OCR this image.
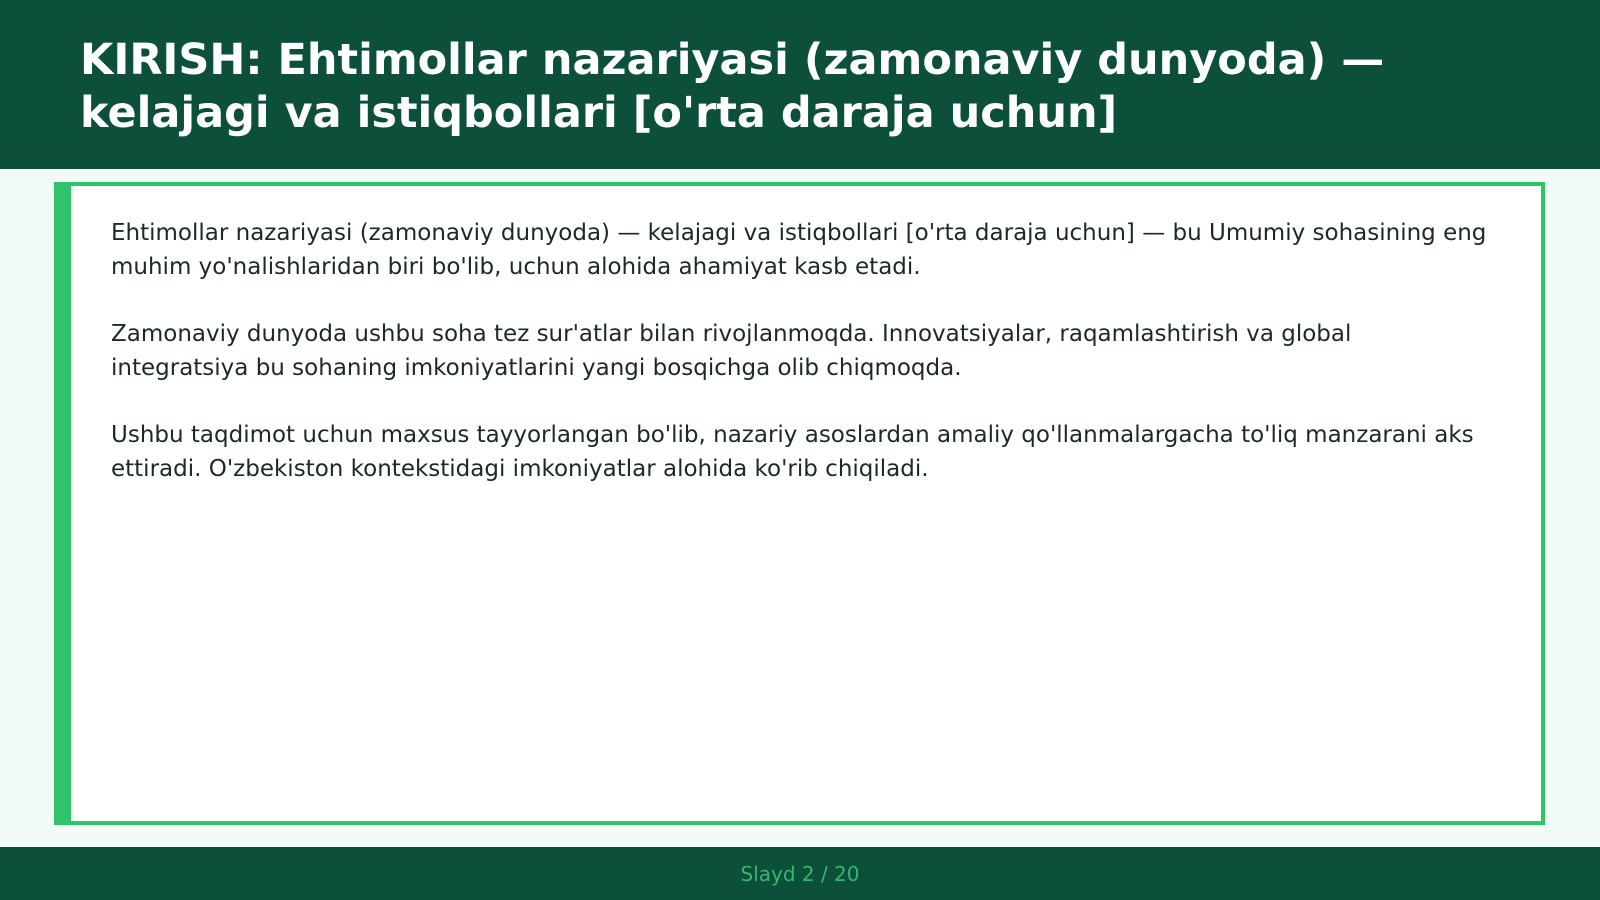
KIRISH: Ehtimollar nazariyasi (zamonaviy dunyoda) — kelajagi va istiqbollari [o'rta daraja uchun]

Ehtimollar nazariyasi (zamonaviy dunyoda) — kelajagi va istiqbollari [o'rta daraja uchun] — bu Umumiy sohasining eng muhim yo'nalishlaridan biri bo'lib, uchun alohida ahamiyat kasb etadi.

Zamonaviy dunyoda ushbu soha tez sur'atlar bilan rivojlanmoqda. Innovatsiyalar, raqamlashtirish va global integratsiya bu sohaning imkoniyatlarini yangi bosqichga olib chiqmoqda.

Ushbu taqdimot uchun maxsus tayyorlangan bo'lib, nazariy asoslardan amaliy qo'llanmalargacha to'liq manzarani aks ettiradi. O'zbekiston kontekstidagi imkoniyatlar alohida ko'rib chiqiladi.

Slayd 2 / 20
